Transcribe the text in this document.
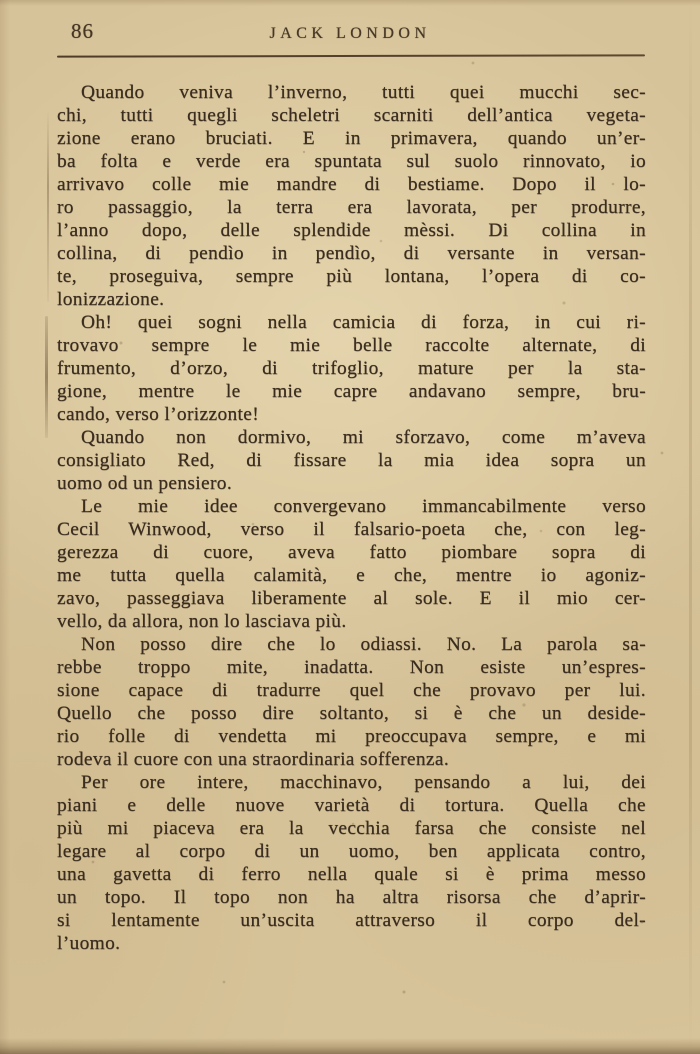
86	JACK LONDON
Quando veniva l’inverno, tutti quei mucchi sec-
chi, tutti quegli scheletri scarniti dell’antica vegeta-
zione erano bruciati. E in primavera, quando un’er-
ba folta e verde era spuntata sul suolo rinnovato, io
arrivavo colle mie mandre di bestiame. Dopo il lo-
ro passaggio, la terra era lavorata, per produrre,
l’anno dopo, delle splendide mèssi. Di collina in
collina, di pendìo in pendìo, di versante in versan-
te, proseguiva, sempre più lontana, l’opera di co-
lonizzazione.
Oh! quei sogni nella camicia di forza, in cui ri-
trovavo sempre le mie belle raccolte alternate, di
frumento, d’orzo, di trifoglio, mature per la sta-
gione, mentre le mie capre andavano sempre, bru-
cando, verso l’orizzonte!
Quando non dormivo, mi sforzavo, come m’aveva
consigliato Red, di fissare la mia idea sopra un
uomo od un pensiero.
Le mie idee convergevano immancabilmente verso
Cecil Winwood, verso il falsario-poeta che, con leg-
gerezza di cuore, aveva fatto piombare sopra di
me tutta quella calamità, e che, mentre io agoniz-
zavo, passeggiava liberamente al sole. E il mio cer-
vello, da allora, non lo lasciava più.
Non posso dire che lo odiassi. No. La parola sa-
rebbe troppo mite, inadatta. Non esiste un’espres-
sione capace di tradurre quel che provavo per lui.
Quello che posso dire soltanto, si è che un deside-
rio folle di vendetta mi preoccupava sempre, e mi
rodeva il cuore con una straordinaria sofferenza.
Per ore intere, macchinavo, pensando a lui, dei
piani e delle nuove varietà di tortura. Quella che
più mi piaceva era la vecchia farsa che consiste nel
legare al corpo di un uomo, ben applicata contro,
una gavetta di ferro nella quale si è prima messo
un topo. Il topo non ha altra risorsa che d’aprir-
si lentamente un’uscita attraverso il corpo del-
l’uomo.
